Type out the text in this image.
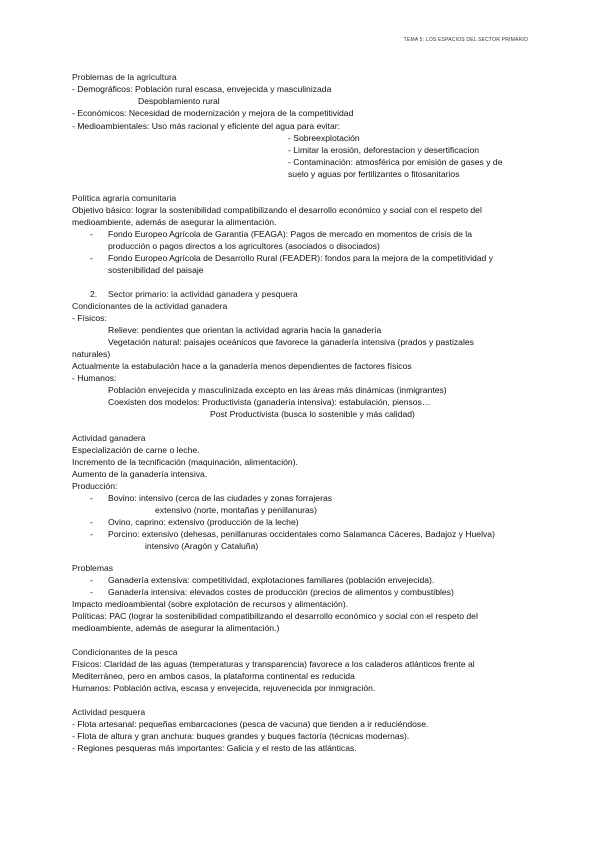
TEMA 5: LOS ESPACIOS DEL SECTOR PRIMARIO
Problemas de la agricultura
- Demográficos: Población rural escasa, envejecida y masculinizada
Despoblamiento rural
- Económicos: Necesidad de modernización y mejora de la competitividad
- Medioambientales: Uso más racional y eficiente del agua para evitar:
- Sobreexplotación
- Limitar la erosión, deforestacion y desertificacion
- Contaminación: atmosférica por emisión de gases y de
suelo y aguas por fertilizantes o fitosanitarios
Política agraria comunitaria
Objetivo básico: lograr la sostenibilidad compatibilizando el desarrollo económico y social con el respeto del
medioambiente, además de asegurar la alimentación.
- Fondo Europeo Agrícola de Garantía (FEAGA): Pagos de mercado en momentos de crisis de la
producción o pagos directos a los agricultores (asociados o disociados)
- Fondo Europeo Agrícola de Desarrollo Rural (FEADER): fondos para la mejora de la competitividad y
sostenibilidad del paisaje
2. Sector primario: la actividad ganadera y pesquera
Condicionantes de la actividad ganadera
- Físicos:
Relieve: pendientes que orientan la actividad agraria hacia la ganadería
Vegetación natural: paisajes oceánicos que favorece la ganadería intensiva (prados y pastizales
naturales)
Actualmente la estabulación hace a la ganadería menos dependientes de factores físicos
- Humanos:
Población envejecida y masculinizada excepto en las áreas más dinámicas (inmigrantes)
Coexisten dos modelos: Productivista (ganadería intensiva): estabulación, piensos…
Post Productivista (busca lo sostenible y más calidad)
Actividad ganadera
Especialización de carne o leche.
Incremento de la tecnificación (maquinación, alimentación).
Aumento de la ganadería intensiva.
Producción:
- Bovino: intensivo (cerca de las ciudades y zonas forrajeras
extensivo (norte, montañas y penillanuras)
- Ovino, caprino: extensivo (producción de la leche)
- Porcino: extensivo (dehesas, penillanuras occidentales como Salamanca Cáceres, Badajoz y Huelva)
intensivo (Aragón y Cataluña)
Problemas
- Ganadería extensiva: competitividad, explotaciones familiares (población envejecida).
- Ganadería intensiva: elevados costes de producción (precios de alimentos y combustibles)
Impacto medioambiental (sobre explotación de recursos y alimentación).
Políticas: PAC (lograr la sostenibilidad compatibilizando el desarrollo económico y social con el respeto del
medioambiente, además de asegurar la alimentación.)
Condicionantes de la pesca
Físicos: Claridad de las aguas (temperaturas y transparencia) favorece a los caladeros atlánticos frente al
Mediterráneo, pero en ambos casos, la plataforma continental es reducida
Humanos: Población activa, escasa y envejecida, rejuvenecida por inmigración.
Actividad pesquera
- Flota artesanal: pequeñas embarcaciones (pesca de vacuna) que tienden a ir reduciéndose.
- Flota de altura y gran anchura: buques grandes y buques factoría (técnicas modernas).
- Regiones pesqueras más importantes: Galicia y el resto de las atlánticas.
